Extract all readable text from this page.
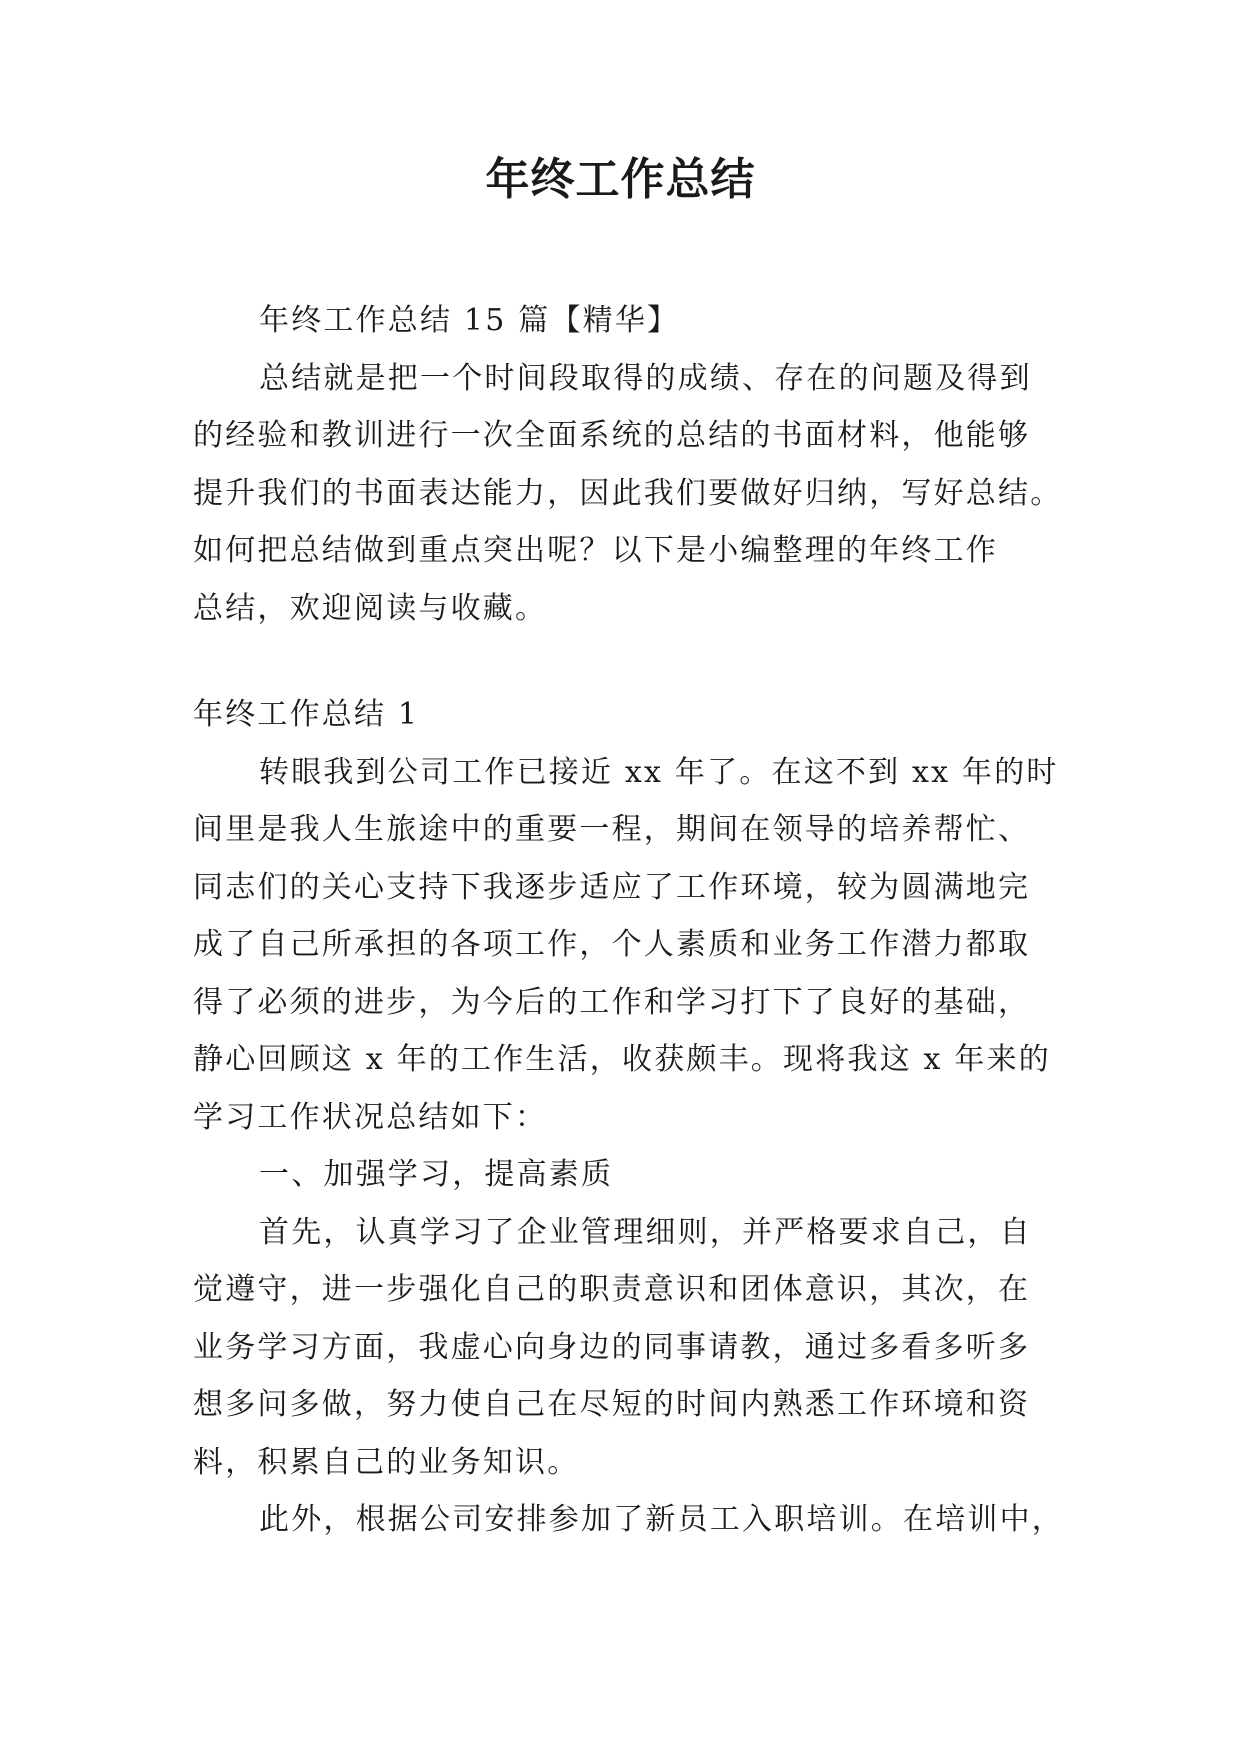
年终工作总结

年终工作总结 15 篇【精华】

总结就是把一个时间段取得的成绩、存在的问题及得到

的经验和教训进行一次全面系统的总结的书面材料，他能够

提升我们的书面表达能力，因此我们要做好归纳，写好总结。

如何把总结做到重点突出呢？以下是小编整理的年终工作

总结，欢迎阅读与收藏。

年终工作总结 1

转眼我到公司工作已接近 xx 年了。在这不到 xx 年的时

间里是我人生旅途中的重要一程，期间在领导的培养帮忙、

同志们的关心支持下我逐步适应了工作环境，较为圆满地完

成了自己所承担的各项工作，个人素质和业务工作潜力都取

得了必须的进步，为今后的工作和学习打下了良好的基础，

静心回顾这 x 年的工作生活，收获颇丰。现将我这 x 年来的

学习工作状况总结如下：

一、加强学习，提高素质

首先，认真学习了企业管理细则，并严格要求自己，自

觉遵守，进一步强化自己的职责意识和团体意识，其次，在

业务学习方面，我虚心向身边的同事请教，通过多看多听多

想多问多做，努力使自己在尽短的时间内熟悉工作环境和资

料，积累自己的业务知识。

此外，根据公司安排参加了新员工入职培训。在培训中，
